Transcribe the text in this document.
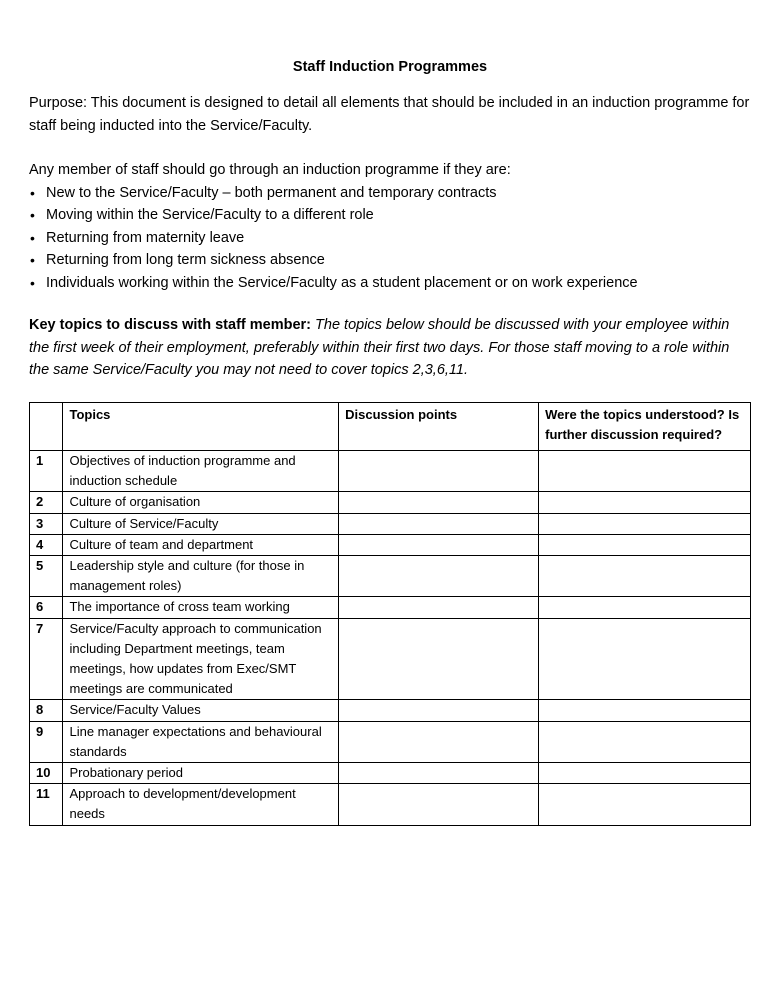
Staff Induction Programmes

Purpose: This document is designed to detail all elements that should be included in an induction programme for staff being inducted into the Service/Faculty.

Any member of staff should go through an induction programme if they are:

• New to the Service/Faculty – both permanent and temporary contracts
• Moving within the Service/Faculty to a different role
• Returning from maternity leave
• Returning from long term sickness absence
• Individuals working within the Service/Faculty as a student placement or on work experience

Key topics to discuss with staff member: The topics below should be discussed with your employee within the first week of their employment, preferably within their first two days. For those staff moving to a role within the same Service/Faculty you may not need to cover topics 2,3,6,11.

	Topics	Discussion points	Were the topics understood? Is further discussion required?
1	Objectives of induction programme and induction schedule		
2	Culture of organisation		
3	Culture of Service/Faculty		
4	Culture of team and department		
5	Leadership style and culture (for those in management roles)		
6	The importance of cross team working		
7	Service/Faculty approach to communication including Department meetings, team meetings, how updates from Exec/SMT meetings are communicated		
8	Service/Faculty Values		
9	Line manager expectations and behavioural standards		
10	Probationary period		
11	Approach to development/development needs		
